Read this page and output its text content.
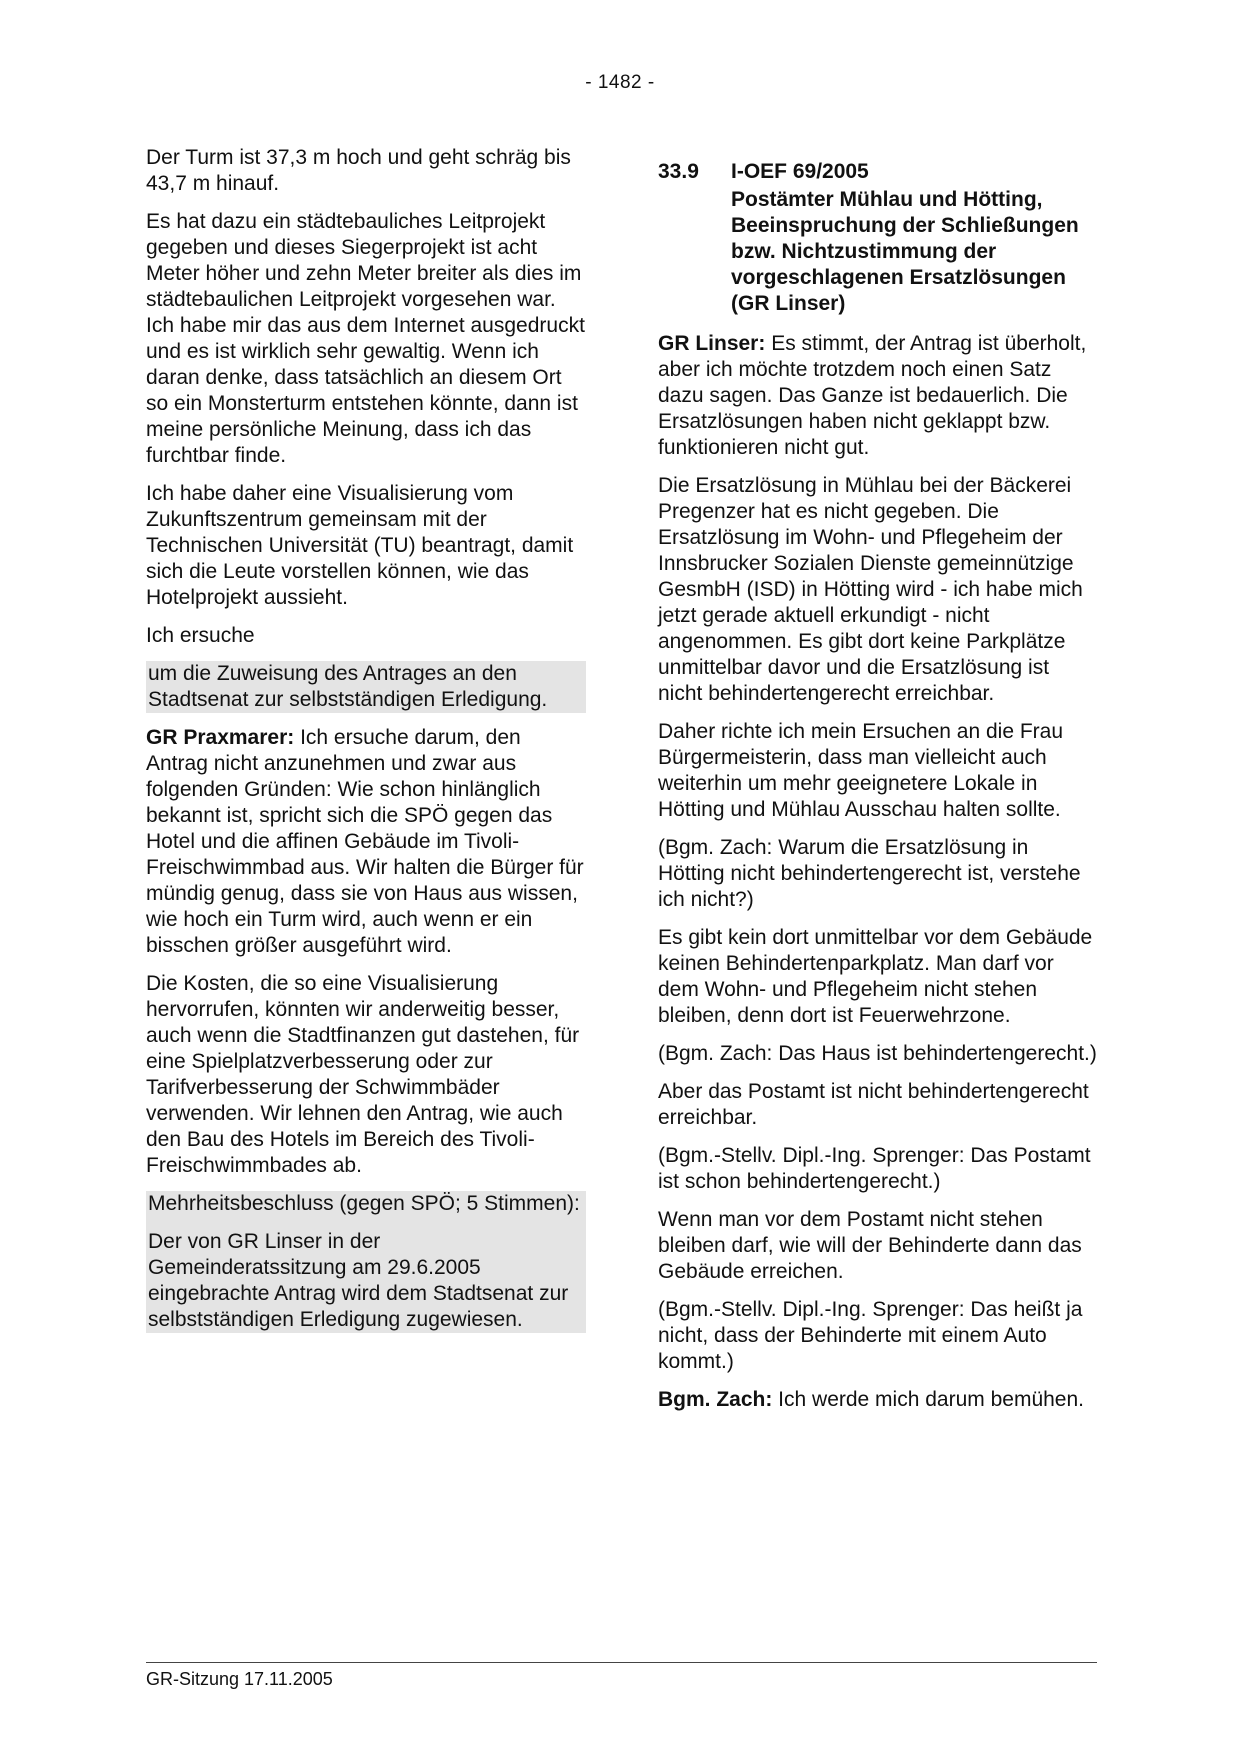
- 1482 -

Der Turm ist 37,3 m hoch und geht schräg bis 43,7 m hinauf.

Es hat dazu ein städtebauliches Leitprojekt gegeben und dieses Siegerprojekt ist acht Meter höher und zehn Meter breiter als dies im städtebaulichen Leitprojekt vorgesehen war. Ich habe mir das aus dem Internet ausgedruckt und es ist wirklich sehr gewaltig. Wenn ich daran denke, dass tatsächlich an diesem Ort so ein Monsterturm entstehen könnte, dann ist meine persönliche Meinung, dass ich das furchtbar finde.

Ich habe daher eine Visualisierung vom Zukunftszentrum gemeinsam mit der Technischen Universität (TU) beantragt, damit sich die Leute vorstellen können, wie das Hotelprojekt aussieht.

Ich ersuche

um die Zuweisung des Antrages an den Stadtsenat zur selbstständigen Erledigung.

GR Praxmarer: Ich ersuche darum, den Antrag nicht anzunehmen und zwar aus folgenden Gründen: Wie schon hinlänglich bekannt ist, spricht sich die SPÖ gegen das Hotel und die affinen Gebäude im Tivoli-Freischwimmbad aus. Wir halten die Bürger für mündig genug, dass sie von Haus aus wissen, wie hoch ein Turm wird, auch wenn er ein bisschen größer ausgeführt wird.

Die Kosten, die so eine Visualisierung hervorrufen, könnten wir anderweitig besser, auch wenn die Stadtfinanzen gut dastehen, für eine Spielplatzverbesserung oder zur Tarifverbesserung der Schwimmbäder verwenden. Wir lehnen den Antrag, wie auch den Bau des Hotels im Bereich des Tivoli-Freischwimmbades ab.

Mehrheitsbeschluss (gegen SPÖ; 5 Stimmen):

Der von GR Linser in der Gemeinderatssitzung am 29.6.2005 eingebrachte Antrag wird dem Stadtsenat zur selbstständigen Erledigung zugewiesen.

33.9	I-OEF 69/2005
Postämter Mühlau und Hötting, Beeinspruchung der Schließungen bzw. Nichtzustimmung der vorgeschlagenen Ersatzlösungen (GR Linser)

GR Linser: Es stimmt, der Antrag ist überholt, aber ich möchte trotzdem noch einen Satz dazu sagen. Das Ganze ist bedauerlich. Die Ersatzlösungen haben nicht geklappt bzw. funktionieren nicht gut.

Die Ersatzlösung in Mühlau bei der Bäckerei Pregenzer hat es nicht gegeben. Die Ersatzlösung im Wohn- und Pflegeheim der Innsbrucker Sozialen Dienste gemeinnützige GesmbH (ISD) in Hötting wird - ich habe mich jetzt gerade aktuell erkundigt - nicht angenommen. Es gibt dort keine Parkplätze unmittelbar davor und die Ersatzlösung ist nicht behindertengerecht erreichbar.

Daher richte ich mein Ersuchen an die Frau Bürgermeisterin, dass man vielleicht auch weiterhin um mehr geeignetere Lokale in Hötting und Mühlau Ausschau halten sollte.

(Bgm. Zach: Warum die Ersatzlösung in Hötting nicht behindertengerecht ist, verstehe ich nicht?)

Es gibt kein dort unmittelbar vor dem Gebäude keinen Behindertenparkplatz. Man darf vor dem Wohn- und Pflegeheim nicht stehen bleiben, denn dort ist Feuerwehrzone.

(Bgm. Zach: Das Haus ist behindertengerecht.)

Aber das Postamt ist nicht behindertengerecht erreichbar.

(Bgm.-Stellv. Dipl.-Ing. Sprenger: Das Postamt ist schon behindertengerecht.)

Wenn man vor dem Postamt nicht stehen bleiben darf, wie will der Behinderte dann das Gebäude erreichen.

(Bgm.-Stellv. Dipl.-Ing. Sprenger: Das heißt ja nicht, dass der Behinderte mit einem Auto kommt.)

Bgm. Zach: Ich werde mich darum bemühen.

GR-Sitzung 17.11.2005
